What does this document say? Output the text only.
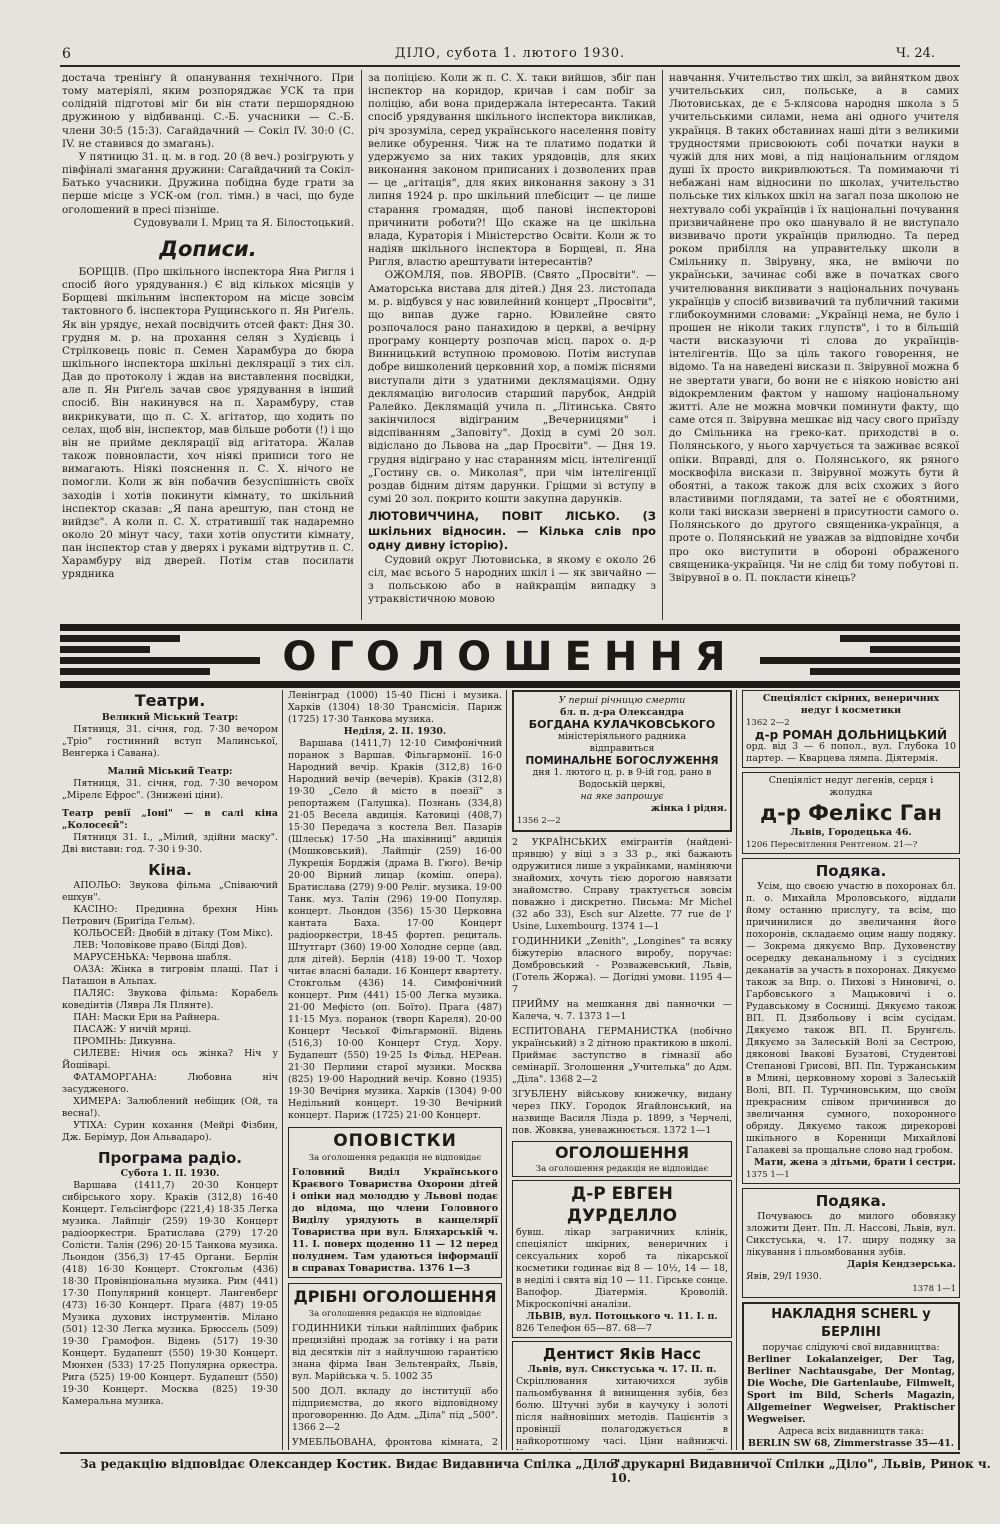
6	ДІЛО, субота 1. лютого 1930.	Ч. 24.

достача тренінґу й опанування технічного. При тому матеріялі, яким розпоряджає УСК та при солідній підготові міг би він стати першорядною дружиною у відбиванці. С.-Б. учасники — С.-Б. члени 30:5 (15:3). Сагайдачний — Сокіл IV. 30:0 (С. IV. не ставився до змагань).

У пятницю 31. ц. м. в год. 20 (8 веч.) розігрують у півфіналі змагання дружини: Сагайдачний та Сокіл-Батько учасники. Дружина побідна буде грати за перше місце з УСК-ом (гол. тімн.) в часі, що буде оголошений в пресі пізніше.

Судовували І. Мриц та Я. Білостоцький.

Дописи.

БОРЩІВ. (Про шкільного інспектора Яна Ригля і спосіб його урядування.) Є від кількох місяців у Борщеві шкільним інспектором на місце зовсім тактовного б. інспектора Рущинського п. Ян Риґель. Як він урядує, нехай посвідчить отсей факт: Дня 30. грудня м. р. на прохання селян з Худієвць і Стрілковець повіс п. Семен Харамбура до бюра шкільного інспектора шкільні деклярації з тих сіл. Дав до протоколу і ждав на виставлення посвідки, але п. Ян Риґель зачав своє урядування в інший спосіб. Він накинувся на п. Харамбуру, став викрикувати, що п. С. Х. агітатор, що ходить по селах, щоб він, інспектор, мав більше роботи (!) і що він не прийме деклярації від агітатора. Жалав також повновласти, хоч ніякі приписи того не вимагають. Ніякі пояснення п. С. Х. нічого не помогли. Коли ж він побачив безуспішність своїх заходів і хотів покинути кімнату, то шкільний інспектор сказав: „Я пана арештую, пан стонд не вийдзє". А коли п. С. Х. стратившії так надаремно около 20 мінут часу, тахи хотів опустити кімнату, пан інспектор став у дверях і руками відтрутив п. С. Харамбуру від дверей. Потім став посилати урядника

за поліцією. Коли ж п. С. Х. таки вийшов, збіг пан інспектор на коридор, кричав і сам побіг за поліцію, аби вона придержала інтересанта. Такий спосіб урядування шкільного інспектора викликав, річ зрозуміла, серед українського населення повіту велике обурення. Чиж на те платимо податки й удержуємо за них таких урядовців, для яких виконання законом приписаних і дозволених прав — це „агітація", для яких виконання закону з 31 липня 1924 р. про шкільний плебісцит — це лише старання громадян, щоб панові інспекторові причинити роботи?! Що скаже на це шкільна влада, Кураторія і Міністерство Освіти. Коли ж то надіяв шкільного інспектора в Борщеві, п. Яна Ригля, властю арештувати інтересантів?

ОЖОМЛЯ, пов. ЯВОРІВ. (Свято „Просвіти". — Аматорська вистава для дітей.) Дня 23. листопада м. р. відбувся у нас ювилейний концерт „Просвіти", що випав дуже гарно. Ювилейне свято розпочалося рано панахидою в церкві, а вечірну програму концерту розпочав місц. парох о. д-р Винницький вступною промовою. Потім виступав добре вишколений церковний хор, а поміж піснями виступали діти з удатними деклямаціями. Одну деклямацію виголосив старший парубок, Андрій Ралейко. Деклямацій учила п. „Літинська. Свято закінчилося відіграним „Вечерницями" і відспіванням „Заповіту". Дохід в сумі 20 зол. відіслано до Львова на „дар Просвіти". — Дня 19. грудня відіграно у нас старанням місц. інтелігенції „Гостину св. о. Миколая", при чім інтелігенції роздав бідним дітям дарунки. Гріщми зі вступу в сумі 20 зол. покрито кошти закупна дарунків.

ЛЮТОВИЧЧИНА, ПОВІТ ЛІСЬКО. (З шкільних відносин. — Кілька слів про одну дивну історію).

Судовий округ Лютовиська, в якому є около 26 сіл, має всього 5 народних шкіл і — як звичайно — з польською або в найкращім випадку з утраквістичною мовою

навчання. Учительство тих шкіл, за вийнятком двох учительських сил, польське, а в самих Лютовиськах, де є 5-клясова народня школа з 5 учительськими силами, нема ані одного учителя українця. В таких обставинах наші діти з великими трудностями присвоюють собі початки науки в чужій для них мові, а під національним оглядом душі їх просто викривлюються. Та помимаючи ті небажані нам відносини по школах, учительство польське тих кількох шкіл на загал поза школою не нехтувало собі українців і їх національні почування призвичайнене про око шанувало й не виступало визвивачо проти українців прилюдно. Та перед роком прибілля на управительку школи в Смільнику п. Звірувну, яка, не вміючи по українськи, зачинає собі вже в початках свого учителювання викпивати з національних почувань українців у спосіб визвивачий та публичний такими глибокоумними словами: „Українці нема, не було і прошен не ніколи таких глупств", і то в більшій части висказуючи ті слова до українців-інтелігентів. Що за ціль такого говорення, не відомо. Та на наведені вискази п. Звірувної можна б не звертати уваги, бо вони не є ніякою новістю ані відокремленим фактом у нашому національному житті. Але не можна мовчки поминути факту, що саме отся п. Звірувна мешкає від часу свого приїзду до Смільника на греко-кат. приходстві в о. Полянського, у нього харчується та заживає всякої опіки. Вправді, для о. Полянського, як ряного москвофіла вискази п. Звірувної можуть бути й обоятні, а також також для всіх схожих з його властивими поглядами, та затеї не є обоятними, коли такі вискази звернені в присутности самого о. Полянського до другого священика-українця, а проте о. Полянський не уважав за відповідне хочби про око виступити в обороні ображеного священика-українця. Чи не слід би тому побутові п. Звірувної в о. П. покласти кінець?

ОГОЛОШЕННЯ
Театри.
Великий Міський Театр:

Пятниця, 31. січня, год. 7·30 вечором „Тріо" гостинний вступ Малинської, Венгерка і Савана).

Малий Міський Театр:

Пятниця, 31. січня, год. 7·30 вечором „Мірелє Ефрос". (Знижені ціни).

Театр ревії „Іоні" — в салі кіна „Колосеєй":

Пятниця 31. І., „Мілий, здійни маску". Дві вистави: год. 7·30 і 9·30.

Кіна.

АПОЛЬО: Звукова фільма „Співаючий ешхун".

КАСІНО: Предивна брехня Нінь Петрович (Бриґіда Гельм).

КОЛЬОСЕЙ: Двобій в дітаку (Том Мікс).

ЛЕВ: Чоловікове право (Білді Дов).

МАРУСЕНЬКА: Червона шабля.

ОАЗА: Жінка в тигровім плащі. Пат і Паташон в Альпах.

ПАЛЯС: Звукова фільма: Корабель коведінтів (Лявра Ля Плянте).

ПАН: Маски Ери на Райнера.

ПАСАЖ: У ничій мряці.

ПРОМІНЬ: Дикунна.

СИЛЕВЕ: Нічия ось жінка? Ніч у Йошіварі.

ФАТАМОРГАНА: Любовна ніч засудженого.

ХИМЕРА: Залюблений небіщик (Ой, та весна!).

УТІХА: Сурин кохання (Мейрі Фізбин, Дж. Берімур, Дон Альвадаро).

Програма радіо.
Субота 1. II. 1930.

Варшава (1411,7) 20·30 Концерт сибірського хору. Краків (312,8) 16·40 Концерт. Гельсінгфорс (221,4) 18·35 Легка музика. Лайпціг (259) 19·30 Концерт радіооркестри. Братислава (279) 17·20 Солісти. Талін (296) 20·15 Танкова музика. Льондон (356,3) 17·45 Органи. Берлін (418) 16·30 Концерт. Стокгольм (436) 18·30 Провінціональна музика. Рим (441) 17·30 Популярний концерт. Лангенберг (473) 16·30 Концерт. Прага (487) 19·05 Музика духових інструментів. Мілано (501) 12·30 Легка музика. Брюссель (509) 19·30 Грамофон. Відень (517) 19·30 Концерт. Будапешт (550) 19·30 Концерт. Мюнхен (533) 17·25 Популярна оркестра. Рига (525) 19·00 Концерт. Будапешт (550) 19·30 Концерт. Москва (825) 19·30 Камеральна музика.

Ленінград (1000) 15·40 Пісні і музика. Харків (1304) 18·30 Трансмісія. Париж (1725) 17·30 Танкова музика.

Неділя, 2. II. 1930.

Варшава (1411,7) 12·10 Симфонічний поранок з Варшав. Фільгармонії. 16·0 Народний вечір. Краків (312,8) 16·0 Народний вечір (вечерів). Краків (312,8) 19·30 „Село й місто в поезії" з репортажем (Галушка). Познань (334,8) 21·05 Весела авдиція. Катовиці (408,7) 15·30 Передача з костела Вел. Пазарів (Шлеськ) 17·50 „На шахівниці" авдиція (Мошковський). Лайпціг (259) 16·00 Лукреція Борджія (драма В. Гюго). Вечір 20·00 Вірний лицар (коміш. опера). Братислава (279) 9·00 Реліг. музика. 19·00 Танк. муз. Талін (296) 19·00 Популяр. концерт. Льондон (356) 15·30 Церковна кантата Баха. 17·00 Концерт радіооркестри, 18·45 фортеп. рециталь. Штутгарт (360) 19·00 Холодне серце (авд. для дітей). Берлін (418) 19·00 Т. Чохор читає власні балади. 16 Концерт квартету. Стокгольм (436) 14. Симфонічний концерт. Рим (441) 15·00 Легка музика. 21·00 Мефісто (оп. Боїто). Прага (487) 11·15 Муз. поранок (творп Кареля). 20·00 Концерт Чеської Фільгармонії. Відень (516,3) 10·00 Концерт Студ. Хору. Будапешт (550) 19·25 Із Фільд. НЕРеан. 21·30 Перлини старої музики. Москва (825) 19·00 Народний вечір. Ковно (1935) 19·30 Вечірня музика. Харків (1304) 9·00 Недільний концерт. 19·30 Вечірний концерт. Париж (1725) 21·00 Концерт.

ОПОВІСТКИ
За оголошення редакція не відповідає

Головний Виділ Українського Краєвого Товариства Охорони дітей і опіки над молоддю у Львові подає до відома, що члени Головного Виділу урядують в канцелярії Товариства при вул. Бляхарській ч. 11. І. поверх щоденно 11 — 12 перед полуднем. Там удаються інформації в справах Товариства. 1376 1—3

ДРІБНІ ОГОЛОШЕННЯ
За оголошення редакція не відповідає

ГОДИННИКИ тільки найліпших фабрик прецизійні продаж за готівку і на рати від десятків літ з найлучшою гарантією знана фірма Іван Зельтенрайх, Львів, вул. Марійська ч. 5. 1002 35

500 ДОЛ. вкладу до інституції або підприємства, до якого відповідному проговоренню. До Адм. „Діла" під „500". 1366 2—2

УМЕБЛЬОВАНА, фронтова кімната, 2

У перші річницю смерти
бл. п. д-ра Олександра
БОГДАНА КУЛАЧКОВСЬКОГО
міністеріяльного радника
відправиться
ПОМИНАЛЬНЕ БОГОСЛУЖЕННЯ
дня 1. лютого ц. р. в 9-ій год. рано в Водоській церкві,
на яке запрошує
жінка і рідня.
1356 2—2

2 УКРАЇНСЬКИХ емігрантів (найдені-прявцю) у віці з з 33 р., які бажають одружитися лише з українками, наміняючи знайомих, хочуть тією дорогою навязати знайомство. Справу трактується зовсім поважно і дискретно. Письма: Mr Michel (32 або 33), Esch sur Alzette. 77 rue de l' Usine, Luxembourg. 1374 1—1

ГОДИННИКИ „Zenith", „Longines" та всяку біжутерію власного виробу, поручає: Домбровський - Розважевський, Львів, (Готель Жоржа). — Догідні умови. 1195 4—7

ПРИЙМУ на мешкання дві панночки — Калеча, ч. 7. 1373 1—1

ЕСПИТОВАНА ГЕРМАНИСТКА (побічно український) з 2 дітною практикою в школі. Приймає заступство в гімназії або семінарії. Зголошення „Учителька" до Адм. „Діла". 1368 2—2

ЗГУБЛЕНУ військову книжечку, видану через ПКУ. Городок Ягайлонський, на назвище Василя Лізда р. 1899, з Черчелі, пов. Жовква, уневажнюється. 1372 1—1

ОГОЛОШЕННЯ
За оголошення редакція не відповідає
Д-Р ЕВГЕН ДУРДЕЛЛО

бувш. лікар заграничних клінік, спеціяліст шкірних, венеричних і сексуальних хороб та лікарської косметики годинає від 8 — 10½, 14 — 18, в неділі і свята від 10 — 11. Гірське сонце. Вапофор. Діатермія. Кроволій. Мікроскопічні аналізи.

ЛЬВІВ, вул. Потоцького ч. 11. І. п.
826 Телефон 65—87. 68—7
Дентист Яків Насс
Львів, вул. Сикстуська ч. 17. II. п.

Скріплювання хитаючихся зубів пальомбування й винищення зубів, без болю. Штучні зуби в каучуку і золоті після найновіших методів. Пацієнтів з провінції полагоджується в найкоротшому часі. Ціни найнижчі.

Спеціяліст скірних, венеричних недуг і косметики
1362 2—2
д-р РОМАН ДОЛЬНИЦЬКИЙ

орд. від 3 — 6 попол., вул. Глубока 10 партер. — Кварцева лямпа. Діятермія.

Спеціяліст недуг легенів, серця і жолудка
д-р Фелікс Ган
Львів, Городецька 46.
1206 Пересвітлення Рентгеном. 21—?
Подяка.

Усім, що своєю участю в похоронах бл. п. о. Михайла Мроловського, віддали йому останню прислугу, та всім, що причинилися до звеличання його похоронів, складаємо оцим нашу подяку. — Зокрема дякуємо Впр. Духовенству осередку деканальному і з сусідних деканатів за участь в похоронах. Дякуємо також за Впр. о. Пихові з Ниновичі, о. Гарбовського з Мацьковичі і о. Рудавському в Соснищі. Дякуємо також ВП. П. Дзябольову і всім сусідам. Дякуємо також ВП. П. Брунгєль. Дякуємо за Залеській Волі за Сестрою, дяконові Івакові Бузатові, Студентові Степанові Грисові, ВП. Пп. Туржанським в Млині, церковному хорові з Залеській Волі, ВП. П. Турчиновським, що своїм прекрасним співом причинився до звеличання сумного, похоронного обряду. Дякуємо також дирекорові шкільного в Кореници Михайлові Галакеві за прощальне слово над гробом.

Мати, жена з дітьми, брати і сестри.
1375 1—1
Подяка.

Почуваюсь до милого обовязку зложити Дент. Пп. Л. Нассові, Львів, вул. Сикстуська, ч. 17. щиру подяку за лікування і пльомбовання зубів.

Дарія Кендзерська.
Явів, 29/І 1930.
1378 1—1
НАКЛАДНЯ SCHERL у БЕРЛІНІ
поручає слідуючі свої видавництва:

Berliner Lokalanzeiger, Der Tag, Berliner Nachtausgabe, Der Montag, Die Woche, Die Gartenlaube, Filmwelt, Sport im Bild, Scherls Magazin, Allgemeiner Wegweiser, Praktischer Wegweiser.

Адреса всіх видавництв така:
BERLIN SW 68, Zimmerstrasse 35—41.

За редакцію відповідає Олександер Костик. Видає Видавнича Спілка „Діло".
З друкарні Видавничої Спілки „Діло", Львів, Ринок ч. 10.
